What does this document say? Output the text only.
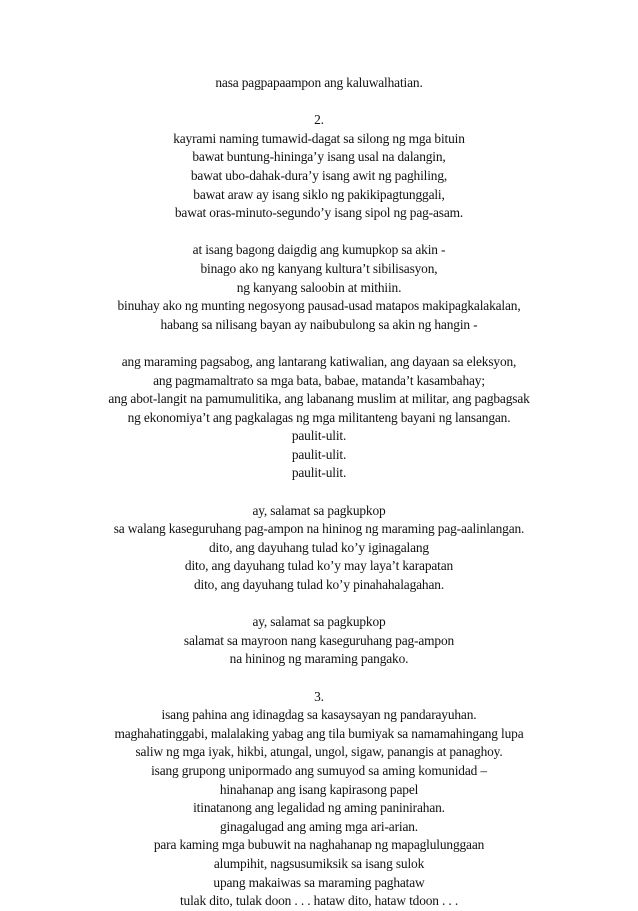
nasa pagpapaampon ang kaluwalhatian.
2.
kayrami naming tumawid-dagat sa silong ng mga bituin
bawat buntung-hininga’y isang usal na dalangin,
bawat ubo-dahak-dura’y isang awit ng paghiling,
bawat araw ay isang siklo ng pakikipagtunggali,
bawat oras-minuto-segundo’y isang sipol ng pag-asam.
at isang bagong daigdig ang kumupkop sa akin -
binago ako ng kanyang kultura’t sibilisasyon,
ng kanyang saloobin at mithiin.
binuhay ako ng munting negosyong pausad-usad matapos makipagkalakalan,
habang sa nilisang bayan ay naibubulong sa akin ng hangin -
ang maraming pagsabog, ang lantarang katiwalian, ang dayaan sa eleksyon,
ang pagmamaltrato sa mga bata, babae, matanda’t kasambahay;
ang abot-langit na pamumulitika, ang labanang muslim at militar, ang pagbagsak
ng ekonomiya’t ang pagkalagas ng mga militanteng bayani ng lansangan.
paulit-ulit.
paulit-ulit.
paulit-ulit.
ay, salamat sa pagkupkop
sa walang kaseguruhang pag-ampon na hininog ng maraming pag-aalinlangan.
dito, ang dayuhang tulad ko’y iginagalang
dito, ang dayuhang tulad ko’y may laya’t karapatan
dito, ang dayuhang tulad ko’y pinahahalagahan.
ay, salamat sa pagkupkop
salamat sa mayroon nang kaseguruhang pag-ampon
na hininog ng maraming pangako.
3.
isang pahina ang idinagdag sa kasaysayan ng pandarayuhan.
maghahatinggabi, malalaking yabag ang tila bumiyak sa namamahingang lupa
saliw ng mga iyak, hikbi, atungal, ungol, sigaw, panangis at panaghoy.
isang grupong unipormado ang sumuyod sa aming komunidad –
hinahanap ang isang kapirasong papel
itinatanong ang legalidad ng aming paninirahan.
ginagalugad ang aming mga ari-arian.
para kaming mga bubuwit na naghahanap ng mapaglulunggaan
alumpihit, nagsusumiksik sa isang sulok
upang makaiwas sa maraming paghataw
tulak dito, tulak doon . . . hataw dito, hataw tdoon . . .
